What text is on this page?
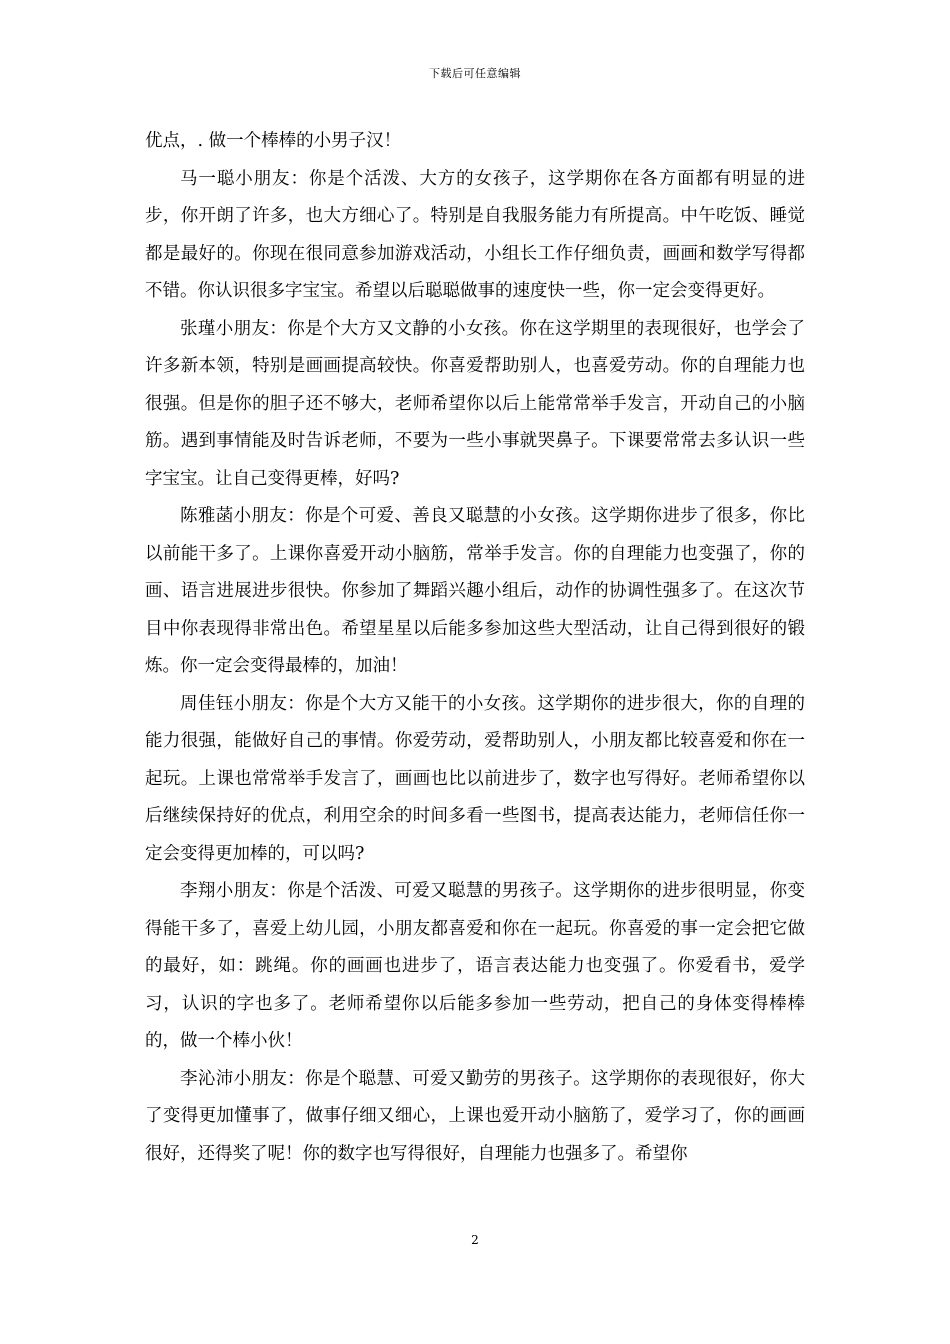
下载后可任意编辑

优点，. 做一个棒棒的小男子汉！

马一聪小朋友：你是个活泼、大方的女孩子，这学期你在各方面都有明显的进步，你开朗了许多，也大方细心了。特别是自我服务能力有所提高。中午吃饭、睡觉都是最好的。你现在很同意参加游戏活动，小组长工作仔细负责，画画和数学写得都不错。你认识很多字宝宝。希望以后聪聪做事的速度快一些，你一定会变得更好。

张瑾小朋友：你是个大方又文静的小女孩。你在这学期里的表现很好，也学会了许多新本领，特别是画画提高较快。你喜爱帮助别人，也喜爱劳动。你的自理能力也很强。但是你的胆子还不够大，老师希望你以后上能常常举手发言，开动自己的小脑筋。遇到事情能及时告诉老师，不要为一些小事就哭鼻子。下课要常常去多认识一些字宝宝。让自己变得更棒，好吗?

陈雅菡小朋友：你是个可爱、善良又聪慧的小女孩。这学期你进步了很多，你比以前能干多了。上课你喜爱开动小脑筋，常举手发言。你的自理能力也变强了，你的画、语言进展进步很快。你参加了舞蹈兴趣小组后，动作的协调性强多了。在这次节目中你表现得非常出色。希望星星以后能多参加这些大型活动，让自己得到很好的锻炼。你一定会变得最棒的，加油！

周佳钰小朋友：你是个大方又能干的小女孩。这学期你的进步很大，你的自理的能力很强，能做好自己的事情。你爱劳动，爱帮助别人，小朋友都比较喜爱和你在一起玩。上课也常常举手发言了，画画也比以前进步了，数字也写得好。老师希望你以后继续保持好的优点，利用空余的时间多看一些图书，提高表达能力，老师信任你一定会变得更加棒的，可以吗?

李翔小朋友：你是个活泼、可爱又聪慧的男孩子。这学期你的进步很明显，你变得能干多了，喜爱上幼儿园，小朋友都喜爱和你在一起玩。你喜爱的事一定会把它做的最好，如：跳绳。你的画画也进步了，语言表达能力也变强了。你爱看书，爱学习，认识的字也多了。老师希望你以后能多参加一些劳动，把自己的身体变得棒棒的，做一个棒小伙！

李沁沛小朋友：你是个聪慧、可爱又勤劳的男孩子。这学期你的表现很好，你大了变得更加懂事了，做事仔细又细心，上课也爱开动小脑筋了，爱学习了，你的画画很好，还得奖了呢！你的数字也写得很好，自理能力也强多了。希望你

2
